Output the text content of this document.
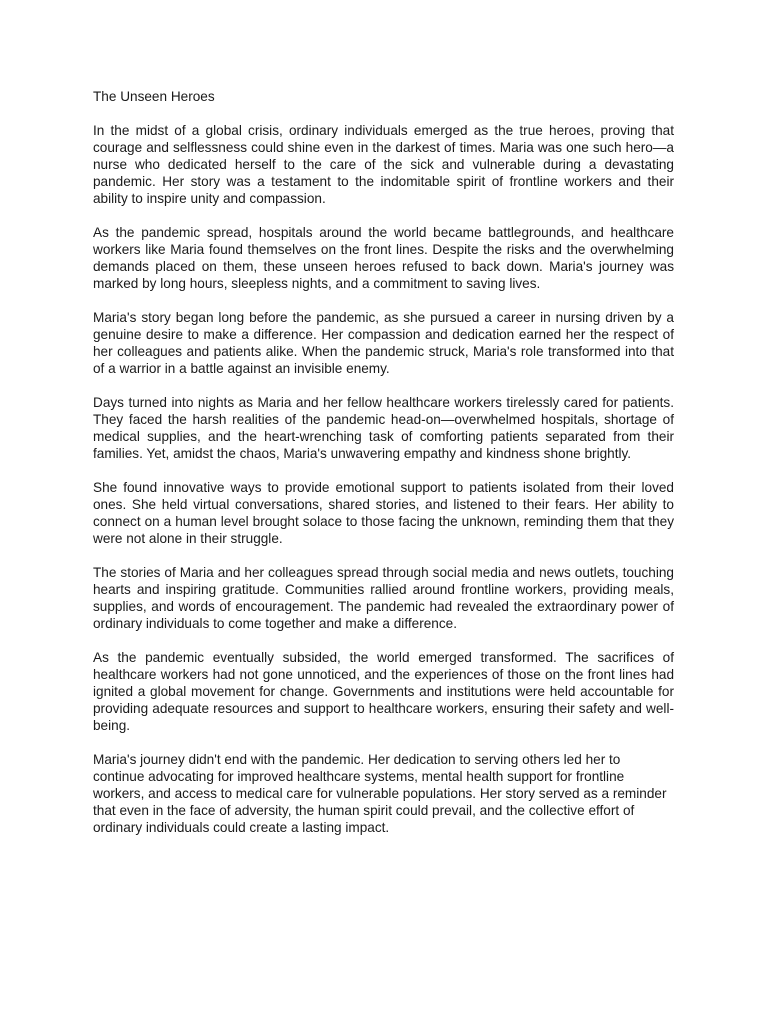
The Unseen Heroes

In the midst of a global crisis, ordinary individuals emerged as the true heroes, proving that courage and selflessness could shine even in the darkest of times. Maria was one such hero—a nurse who dedicated herself to the care of the sick and vulnerable during a devastating pandemic. Her story was a testament to the indomitable spirit of frontline workers and their ability to inspire unity and compassion.

As the pandemic spread, hospitals around the world became battlegrounds, and healthcare workers like Maria found themselves on the front lines. Despite the risks and the overwhelming demands placed on them, these unseen heroes refused to back down. Maria's journey was marked by long hours, sleepless nights, and a commitment to saving lives.

Maria's story began long before the pandemic, as she pursued a career in nursing driven by a genuine desire to make a difference. Her compassion and dedication earned her the respect of her colleagues and patients alike. When the pandemic struck, Maria's role transformed into that of a warrior in a battle against an invisible enemy.

Days turned into nights as Maria and her fellow healthcare workers tirelessly cared for patients. They faced the harsh realities of the pandemic head-on—overwhelmed hospitals, shortage of medical supplies, and the heart-wrenching task of comforting patients separated from their families. Yet, amidst the chaos, Maria's unwavering empathy and kindness shone brightly.

She found innovative ways to provide emotional support to patients isolated from their loved ones. She held virtual conversations, shared stories, and listened to their fears. Her ability to connect on a human level brought solace to those facing the unknown, reminding them that they were not alone in their struggle.

The stories of Maria and her colleagues spread through social media and news outlets, touching hearts and inspiring gratitude. Communities rallied around frontline workers, providing meals, supplies, and words of encouragement. The pandemic had revealed the extraordinary power of ordinary individuals to come together and make a difference.

As the pandemic eventually subsided, the world emerged transformed. The sacrifices of healthcare workers had not gone unnoticed, and the experiences of those on the front lines had ignited a global movement for change. Governments and institutions were held accountable for providing adequate resources and support to healthcare workers, ensuring their safety and well-being.

Maria's journey didn't end with the pandemic. Her dedication to serving others led her to continue advocating for improved healthcare systems, mental health support for frontline workers, and access to medical care for vulnerable populations. Her story served as a reminder that even in the face of adversity, the human spirit could prevail, and the collective effort of ordinary individuals could create a lasting impact.
